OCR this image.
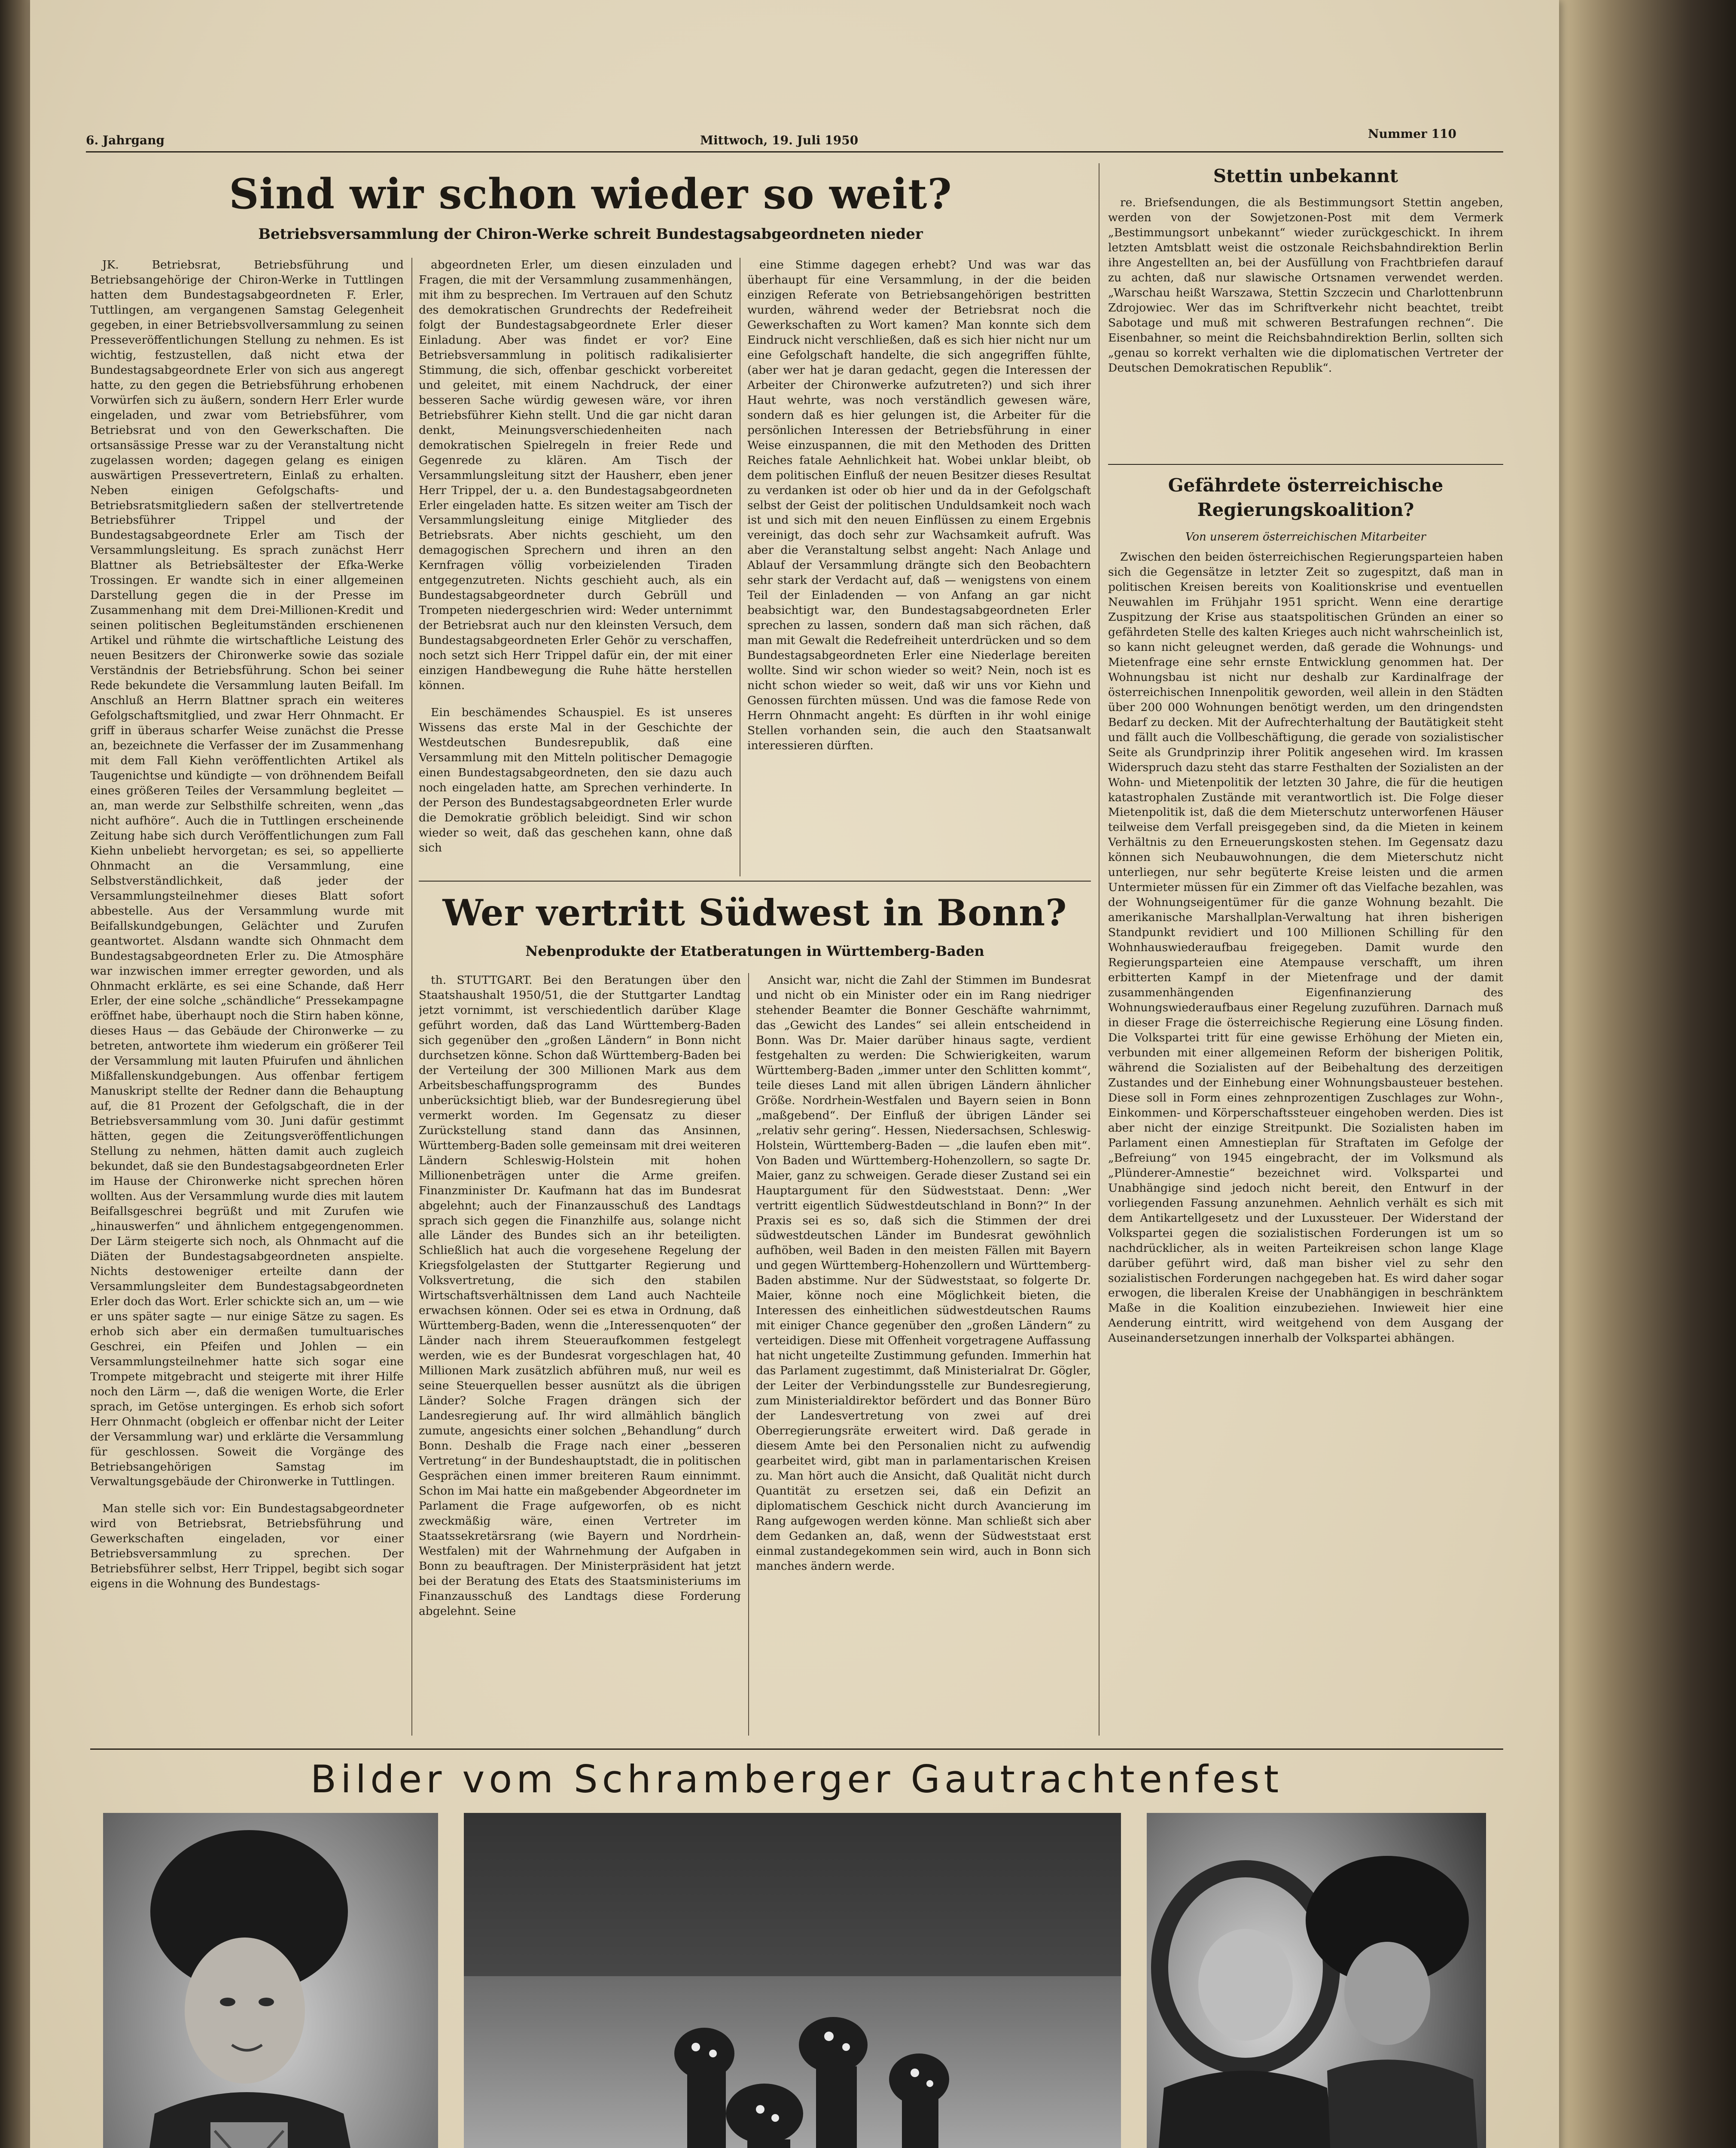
6. Jahrgang	Mittwoch, 19. Juli 1950	Nummer 110
Sind wir schon wieder so weit?
Betriebsversammlung der Chiron-Werke schreit Bundestagsabgeordneten nieder

JK. Betriebsrat, Betriebsführung und Betriebsangehörige der Chiron-Werke in Tuttlingen hatten dem Bundestagsabgeordneten F. Erler, Tuttlingen, am vergangenen Samstag Gelegenheit gegeben, in einer Betriebsvollversammlung zu seinen Presseveröffentlichungen Stellung zu nehmen. Es ist wichtig, festzustellen, daß nicht etwa der Bundestagsabgeordnete Erler von sich aus angeregt hatte, zu den gegen die Betriebsführung erhobenen Vorwürfen sich zu äußern, sondern Herr Erler wurde eingeladen, und zwar vom Betriebsführer, vom Betriebsrat und von den Gewerkschaften. Die ortsansässige Presse war zu der Veranstaltung nicht zugelassen worden; dagegen gelang es einigen auswärtigen Pressevertretern, Einlaß zu erhalten. Neben einigen Gefolgschafts- und Betriebsratsmitgliedern saßen der stellvertretende Betriebsführer Trippel und der Bundestagsabgeordnete Erler am Tisch der Versammlungsleitung. Es sprach zunächst Herr Blattner als Betriebsältester der Efka-Werke Trossingen. Er wandte sich in einer allgemeinen Darstellung gegen die in der Presse im Zusammenhang mit dem Drei-Millionen-Kredit und seinen politischen Begleitumständen erschienenen Artikel und rühmte die wirtschaftliche Leistung des neuen Besitzers der Chironwerke sowie das soziale Verständnis der Betriebsführung. Schon bei seiner Rede bekundete die Versammlung lauten Beifall. Im Anschluß an Herrn Blattner sprach ein weiteres Gefolgschaftsmitglied, und zwar Herr Ohnmacht. Er griff in überaus scharfer Weise zunächst die Presse an, bezeichnete die Verfasser der im Zusammenhang mit dem Fall Kiehn veröffentlichten Artikel als Taugenichtse und kündigte — von dröhnendem Beifall eines größeren Teiles der Versammlung begleitet — an, man werde zur Selbsthilfe schreiten, wenn „das nicht aufhöre“. Auch die in Tuttlingen erscheinende Zeitung habe sich durch Veröffentlichungen zum Fall Kiehn unbeliebt hervorgetan; es sei, so appellierte Ohnmacht an die Versammlung, eine Selbstverständlichkeit, daß jeder der Versammlungsteilnehmer dieses Blatt sofort abbestelle. Aus der Versammlung wurde mit Beifallskundgebungen, Gelächter und Zurufen geantwortet. Alsdann wandte sich Ohnmacht dem Bundestagsabgeordneten Erler zu. Die Atmosphäre war inzwischen immer erregter geworden, und als Ohnmacht erklärte, es sei eine Schande, daß Herr Erler, der eine solche „schändliche“ Pressekampagne eröffnet habe, überhaupt noch die Stirn haben könne, dieses Haus — das Gebäude der Chironwerke — zu betreten, antwortete ihm wiederum ein größerer Teil der Versammlung mit lauten Pfuirufen und ähnlichen Mißfallenskundgebungen. Aus offenbar fertigem Manuskript stellte der Redner dann die Behauptung auf, die 81 Prozent der Gefolgschaft, die in der Betriebsversammlung vom 30. Juni dafür gestimmt hätten, gegen die Zeitungsveröffentlichungen Stellung zu nehmen, hätten damit auch zugleich bekundet, daß sie den Bundestagsabgeordneten Erler im Hause der Chironwerke nicht sprechen hören wollten. Aus der Versammlung wurde dies mit lautem Beifallsgeschrei begrüßt und mit Zurufen wie „hinauswerfen“ und ähnlichem entgegengenommen. Der Lärm steigerte sich noch, als Ohnmacht auf die Diäten der Bundestagsabgeordneten anspielte. Nichts destoweniger erteilte dann der Versammlungsleiter dem Bundestagsabgeordneten Erler doch das Wort. Erler schickte sich an, um — wie er uns später sagte — nur einige Sätze zu sagen. Es erhob sich aber ein dermaßen tumultuarisches Geschrei, ein Pfeifen und Johlen — ein Versammlungsteilnehmer hatte sich sogar eine Trompete mitgebracht und steigerte mit ihrer Hilfe noch den Lärm —, daß die wenigen Worte, die Erler sprach, im Getöse untergingen. Es erhob sich sofort Herr Ohnmacht (obgleich er offenbar nicht der Leiter der Versammlung war) und erklärte die Versammlung für geschlossen. Soweit die Vorgänge des Betriebsangehörigen Samstag im Verwaltungsgebäude der Chironwerke in Tuttlingen.

Man stelle sich vor: Ein Bundestagsabgeordneter wird von Betriebsrat, Betriebsführung und Gewerkschaften eingeladen, vor einer Betriebsversammlung zu sprechen. Der Betriebsführer selbst, Herr Trippel, begibt sich sogar eigens in die Wohnung des Bundestags-

abgeordneten Erler, um diesen einzuladen und Fragen, die mit der Versammlung zusammenhängen, mit ihm zu besprechen. Im Vertrauen auf den Schutz des demokratischen Grundrechts der Redefreiheit folgt der Bundestagsabgeordnete Erler dieser Einladung. Aber was findet er vor? Eine Betriebsversammlung in politisch radikalisierter Stimmung, die sich, offenbar geschickt vorbereitet und geleitet, mit einem Nachdruck, der einer besseren Sache würdig gewesen wäre, vor ihren Betriebsführer Kiehn stellt. Und die gar nicht daran denkt, Meinungsverschiedenheiten nach demokratischen Spielregeln in freier Rede und Gegenrede zu klären. Am Tisch der Versammlungsleitung sitzt der Hausherr, eben jener Herr Trippel, der u. a. den Bundestagsabgeordneten Erler eingeladen hatte. Es sitzen weiter am Tisch der Versammlungsleitung einige Mitglieder des Betriebsrats. Aber nichts geschieht, um den demagogischen Sprechern und ihren an den Kernfragen völlig vorbeizielenden Tiraden entgegenzutreten. Nichts geschieht auch, als ein Bundestagsabgeordneter durch Gebrüll und Trompeten niedergeschrien wird: Weder unternimmt der Betriebsrat auch nur den kleinsten Versuch, dem Bundestagsabgeordneten Erler Gehör zu verschaffen, noch setzt sich Herr Trippel dafür ein, der mit einer einzigen Handbewegung die Ruhe hätte herstellen können.

Ein beschämendes Schauspiel. Es ist unseres Wissens das erste Mal in der Geschichte der Westdeutschen Bundesrepublik, daß eine Versammlung mit den Mitteln politischer Demagogie einen Bundestagsabgeordneten, den sie dazu auch noch eingeladen hatte, am Sprechen verhinderte. In der Person des Bundestagsabgeordneten Erler wurde die Demokratie gröblich beleidigt. Sind wir schon wieder so weit, daß das geschehen kann, ohne daß sich

eine Stimme dagegen erhebt? Und was war das überhaupt für eine Versammlung, in der die beiden einzigen Referate von Betriebsangehörigen bestritten wurden, während weder der Betriebsrat noch die Gewerkschaften zu Wort kamen? Man konnte sich dem Eindruck nicht verschließen, daß es sich hier nicht nur um eine Gefolgschaft handelte, die sich angegriffen fühlte, (aber wer hat je daran gedacht, gegen die Interessen der Arbeiter der Chironwerke aufzutreten?) und sich ihrer Haut wehrte, was noch verständlich gewesen wäre, sondern daß es hier gelungen ist, die Arbeiter für die persönlichen Interessen der Betriebsführung in einer Weise einzuspannen, die mit den Methoden des Dritten Reiches fatale Aehnlichkeit hat. Wobei unklar bleibt, ob dem politischen Einfluß der neuen Besitzer dieses Resultat zu verdanken ist oder ob hier und da in der Gefolgschaft selbst der Geist der politischen Unduldsamkeit noch wach ist und sich mit den neuen Einflüssen zu einem Ergebnis vereinigt, das doch sehr zur Wachsamkeit aufruft. Was aber die Veranstaltung selbst angeht: Nach Anlage und Ablauf der Versammlung drängte sich den Beobachtern sehr stark der Verdacht auf, daß — wenigstens von einem Teil der Einladenden — von Anfang an gar nicht beabsichtigt war, den Bundestagsabgeordneten Erler sprechen zu lassen, sondern daß man sich rächen, daß man mit Gewalt die Redefreiheit unterdrücken und so dem Bundestagsabgeordneten Erler eine Niederlage bereiten wollte. Sind wir schon wieder so weit? Nein, noch ist es nicht schon wieder so weit, daß wir uns vor Kiehn und Genossen fürchten müssen. Und was die famose Rede von Herrn Ohnmacht angeht: Es dürften in ihr wohl einige Stellen vorhanden sein, die auch den Staatsanwalt interessieren dürften.

Stettin unbekannt

re. Briefsendungen, die als Bestimmungsort Stettin angeben, werden von der Sowjetzonen-Post mit dem Vermerk „Bestimmungsort unbekannt“ wieder zurückgeschickt. In ihrem letzten Amtsblatt weist die ostzonale Reichsbahndirektion Berlin ihre Angestellten an, bei der Ausfüllung von Frachtbriefen darauf zu achten, daß nur slawische Ortsnamen verwendet werden. „Warschau heißt Warszawa, Stettin Szczecin und Charlottenbrunn Zdrojowiec. Wer das im Schriftverkehr nicht beachtet, treibt Sabotage und muß mit schweren Bestrafungen rechnen“. Die Eisenbahner, so meint die Reichsbahndirektion Berlin, sollten sich „genau so korrekt verhalten wie die diplomatischen Vertreter der Deutschen Demokratischen Republik“.

Gefährdete österreichische
Regierungskoalition?
Von unserem österreichischen Mitarbeiter

Zwischen den beiden österreichischen Regierungsparteien haben sich die Gegensätze in letzter Zeit so zugespitzt, daß man in politischen Kreisen bereits von Koalitionskrise und eventuellen Neuwahlen im Frühjahr 1951 spricht. Wenn eine derartige Zuspitzung der Krise aus staatspolitischen Gründen an einer so gefährdeten Stelle des kalten Krieges auch nicht wahrscheinlich ist, so kann nicht geleugnet werden, daß gerade die Wohnungs- und Mietenfrage eine sehr ernste Entwicklung genommen hat. Der Wohnungsbau ist nicht nur deshalb zur Kardinalfrage der österreichischen Innenpolitik geworden, weil allein in den Städten über 200 000 Wohnungen benötigt werden, um den dringendsten Bedarf zu decken. Mit der Aufrechterhaltung der Bautätigkeit steht und fällt auch die Vollbeschäftigung, die gerade von sozialistischer Seite als Grundprinzip ihrer Politik angesehen wird. Im krassen Widerspruch dazu steht das starre Festhalten der Sozialisten an der Wohn- und Mietenpolitik der letzten 30 Jahre, die für die heutigen katastrophalen Zustände mit verantwortlich ist. Die Folge dieser Mietenpolitik ist, daß die dem Mieterschutz unterworfenen Häuser teilweise dem Verfall preisgegeben sind, da die Mieten in keinem Verhältnis zu den Erneuerungskosten stehen. Im Gegensatz dazu können sich Neubauwohnungen, die dem Mieterschutz nicht unterliegen, nur sehr begüterte Kreise leisten und die armen Untermieter müssen für ein Zimmer oft das Vielfache bezahlen, was der Wohnungseigentümer für die ganze Wohnung bezahlt. Die amerikanische Marshallplan-Verwaltung hat ihren bisherigen Standpunkt revidiert und 100 Millionen Schilling für den Wohnhauswiederaufbau freigegeben. Damit wurde den Regierungsparteien eine Atempause verschafft, um ihren erbitterten Kampf in der Mietenfrage und der damit zusammenhängenden Eigenfinanzierung des Wohnungswiederaufbaus einer Regelung zuzuführen. Darnach muß in dieser Frage die österreichische Regierung eine Lösung finden. Die Volkspartei tritt für eine gewisse Erhöhung der Mieten ein, verbunden mit einer allgemeinen Reform der bisherigen Politik, während die Sozialisten auf der Beibehaltung des derzeitigen Zustandes und der Einhebung einer Wohnungsbausteuer bestehen. Diese soll in Form eines zehnprozentigen Zuschlages zur Wohn-, Einkommen- und Körperschaftssteuer eingehoben werden. Dies ist aber nicht der einzige Streitpunkt. Die Sozialisten haben im Parlament einen Amnestieplan für Straftaten im Gefolge der „Befreiung“ von 1945 eingebracht, der im Volksmund als „Plünderer-Amnestie“ bezeichnet wird. Volkspartei und Unabhängige sind jedoch nicht bereit, den Entwurf in der vorliegenden Fassung anzunehmen. Aehnlich verhält es sich mit dem Antikartellgesetz und der Luxussteuer. Der Widerstand der Volkspartei gegen die sozialistischen Forderungen ist um so nachdrücklicher, als in weiten Parteikreisen schon lange Klage darüber geführt wird, daß man bisher viel zu sehr den sozialistischen Forderungen nachgegeben hat. Es wird daher sogar erwogen, die liberalen Kreise der Unabhängigen in beschränktem Maße in die Koalition einzubeziehen. Inwieweit hier eine Aenderung eintritt, wird weitgehend von dem Ausgang der Auseinandersetzungen innerhalb der Volkspartei abhängen.

Wer vertritt Südwest in Bonn?
Nebenprodukte der Etatberatungen in Württemberg-Baden

th. STUTTGART. Bei den Beratungen über den Staatshaushalt 1950/51, die der Stuttgarter Landtag jetzt vornimmt, ist verschiedentlich darüber Klage geführt worden, daß das Land Württemberg-Baden sich gegenüber den „großen Ländern“ in Bonn nicht durchsetzen könne. Schon daß Württemberg-Baden bei der Verteilung der 300 Millionen Mark aus dem Arbeitsbeschaffungsprogramm des Bundes unberücksichtigt blieb, war der Bundesregierung übel vermerkt worden. Im Gegensatz zu dieser Zurückstellung stand dann das Ansinnen, Württemberg-Baden solle gemeinsam mit drei weiteren Ländern Schleswig-Holstein mit hohen Millionenbeträgen unter die Arme greifen. Finanzminister Dr. Kaufmann hat das im Bundesrat abgelehnt; auch der Finanzausschuß des Landtags sprach sich gegen die Finanzhilfe aus, solange nicht alle Länder des Bundes sich an ihr beteiligten. Schließlich hat auch die vorgesehene Regelung der Kriegsfolgelasten der Stuttgarter Regierung und Volksvertretung, die sich den stabilen Wirtschaftsverhältnissen dem Land auch Nachteile erwachsen können. Oder sei es etwa in Ordnung, daß Württemberg-Baden, wenn die „Interessenquoten“ der Länder nach ihrem Steueraufkommen festgelegt werden, wie es der Bundesrat vorgeschlagen hat, 40 Millionen Mark zusätzlich abführen muß, nur weil es seine Steuerquellen besser ausnützt als die übrigen Länder? Solche Fragen drängen sich der Landesregierung auf. Ihr wird allmählich bänglich zumute, angesichts einer solchen „Behandlung“ durch Bonn. Deshalb die Frage nach einer „besseren Vertretung“ in der Bundeshauptstadt, die in politischen Gesprächen einen immer breiteren Raum einnimmt. Schon im Mai hatte ein maßgebender Abgeordneter im Parlament die Frage aufgeworfen, ob es nicht zweckmäßig wäre, einen Vertreter im Staatssekretärsrang (wie Bayern und Nordrhein-Westfalen) mit der Wahrnehmung der Aufgaben in Bonn zu beauftragen. Der Ministerpräsident hat jetzt bei der Beratung des Etats des Staatsministeriums im Finanzausschuß des Landtags diese Forderung abgelehnt. Seine

Ansicht war, nicht die Zahl der Stimmen im Bundesrat und nicht ob ein Minister oder ein im Rang niedriger stehender Beamter die Bonner Geschäfte wahrnimmt, das „Gewicht des Landes“ sei allein entscheidend in Bonn. Was Dr. Maier darüber hinaus sagte, verdient festgehalten zu werden: Die Schwierigkeiten, warum Württemberg-Baden „immer unter den Schlitten kommt“, teile dieses Land mit allen übrigen Ländern ähnlicher Größe. Nordrhein-Westfalen und Bayern seien in Bonn „maßgebend“. Der Einfluß der übrigen Länder sei „relativ sehr gering“. Hessen, Niedersachsen, Schleswig-Holstein, Württemberg-Baden — „die laufen eben mit“. Von Baden und Württemberg-Hohenzollern, so sagte Dr. Maier, ganz zu schweigen. Gerade dieser Zustand sei ein Hauptargument für den Südweststaat. Denn: „Wer vertritt eigentlich Südwestdeutschland in Bonn?“ In der Praxis sei es so, daß sich die Stimmen der drei südwestdeutschen Länder im Bundesrat gewöhnlich aufhöben, weil Baden in den meisten Fällen mit Bayern und gegen Württemberg-Hohenzollern und Württemberg-Baden abstimme. Nur der Südweststaat, so folgerte Dr. Maier, könne noch eine Möglichkeit bieten, die Interessen des einheitlichen südwestdeutschen Raums mit einiger Chance gegenüber den „großen Ländern“ zu verteidigen. Diese mit Offenheit vorgetragene Auffassung hat nicht ungeteilte Zustimmung gefunden. Immerhin hat das Parlament zugestimmt, daß Ministerialrat Dr. Gögler, der Leiter der Verbindungsstelle zur Bundesregierung, zum Ministerialdirektor befördert und das Bonner Büro der Landesvertretung von zwei auf drei Oberregierungsräte erweitert wird. Daß gerade in diesem Amte bei den Personalien nicht zu aufwendig gearbeitet wird, gibt man in parlamentarischen Kreisen zu. Man hört auch die Ansicht, daß Qualität nicht durch Quantität zu ersetzen sei, daß ein Defizit an diplomatischem Geschick nicht durch Avancierung im Rang aufgewogen werden könne. Man schließt sich aber dem Gedanken an, daß, wenn der Südweststaat erst einmal zustandegekommen sein wird, auch in Bonn sich manches ändern werde.

Bilder vom Schramberger Gautrachtenfest
